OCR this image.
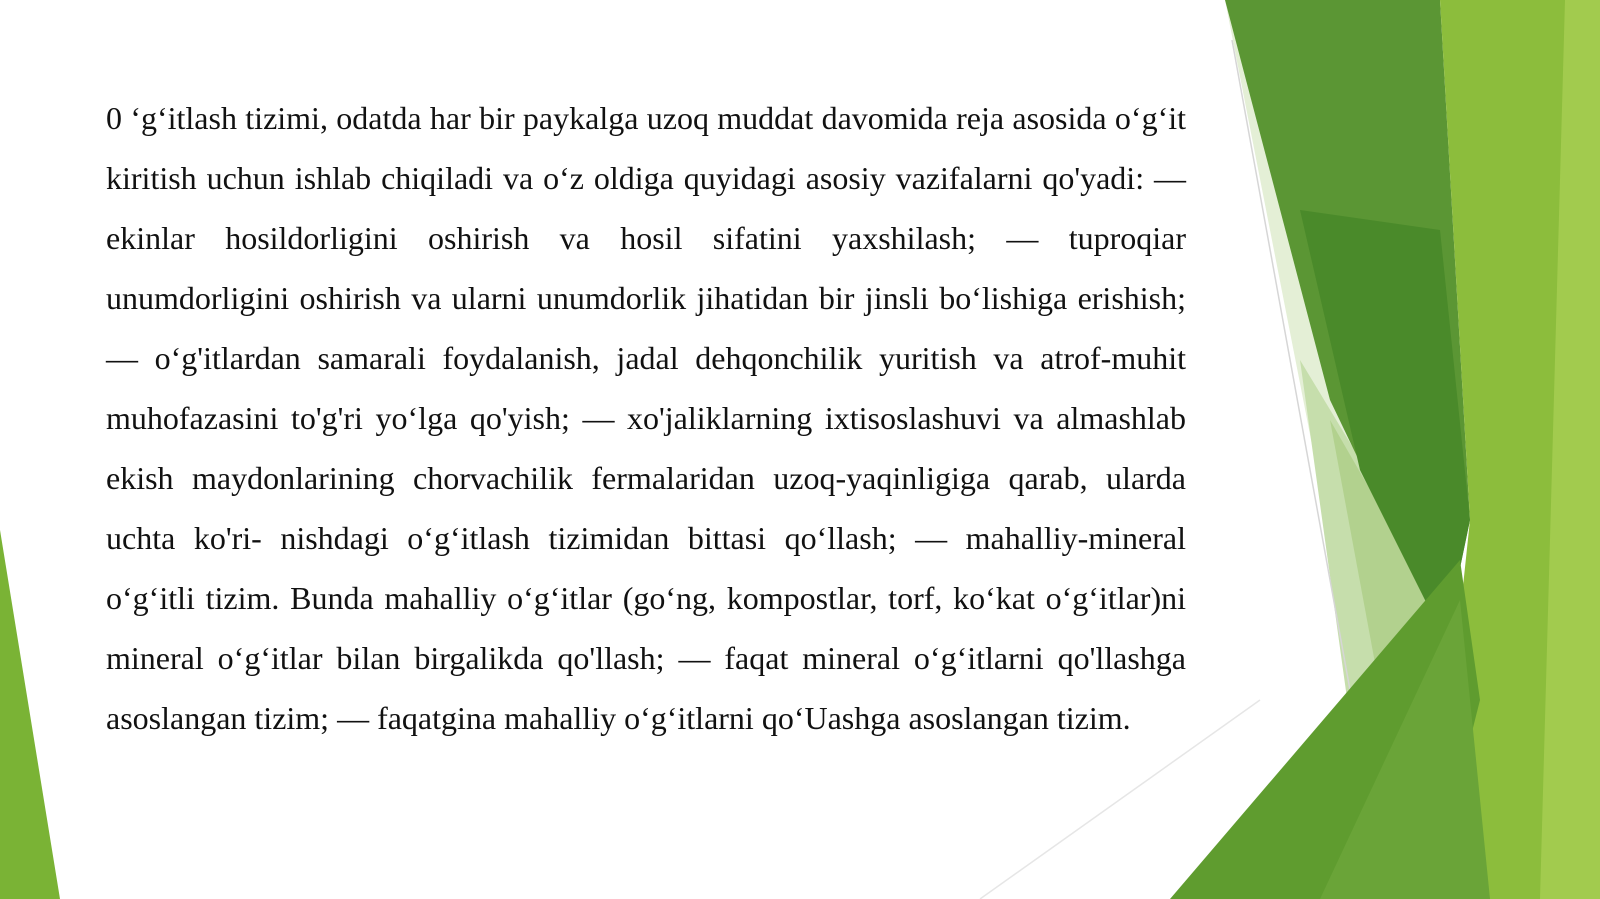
0 ‘g‘itlash tizimi, odatda har bir paykalga uzoq muddat davomida reja asosida o‘g‘it kiritish uchun ishlab chiqiladi va o‘z oldiga quyidagi asosiy vazifalarni qo'yadi: — ekinlar hosildorligini oshirish va hosil sifatini yaxshilash; — tuproqiar unumdorligini oshirish va ularni unumdorlik jihatidan bir jinsli bo‘lishiga erishish; — o‘g'itlardan samarali foydalanish, jadal dehqonchilik yuritish va atrof-muhit muhofazasini to'g'ri yo‘lga qo'yish; — xo'jaliklarning ixtisoslashuvi va almashlab ekish maydonlarining chorvachilik fermalaridan uzoq-yaqinligiga qarab, ularda uchta ko'ri- nishdagi o‘g‘itlash tizimidan bittasi qo‘llash; — mahalliy-mineral o‘g‘itli tizim. Bunda mahalliy o‘g‘itlar (go‘ng, kompostlar, torf, ko‘kat o‘g‘itlar)ni mineral o‘g‘itlar bilan birgalikda qo'llash; — faqat mineral o‘g‘itlarni qo'llashga asoslangan tizim; — faqatgina mahalliy o‘g‘itlarni qo‘Uashga asoslangan tizim.
